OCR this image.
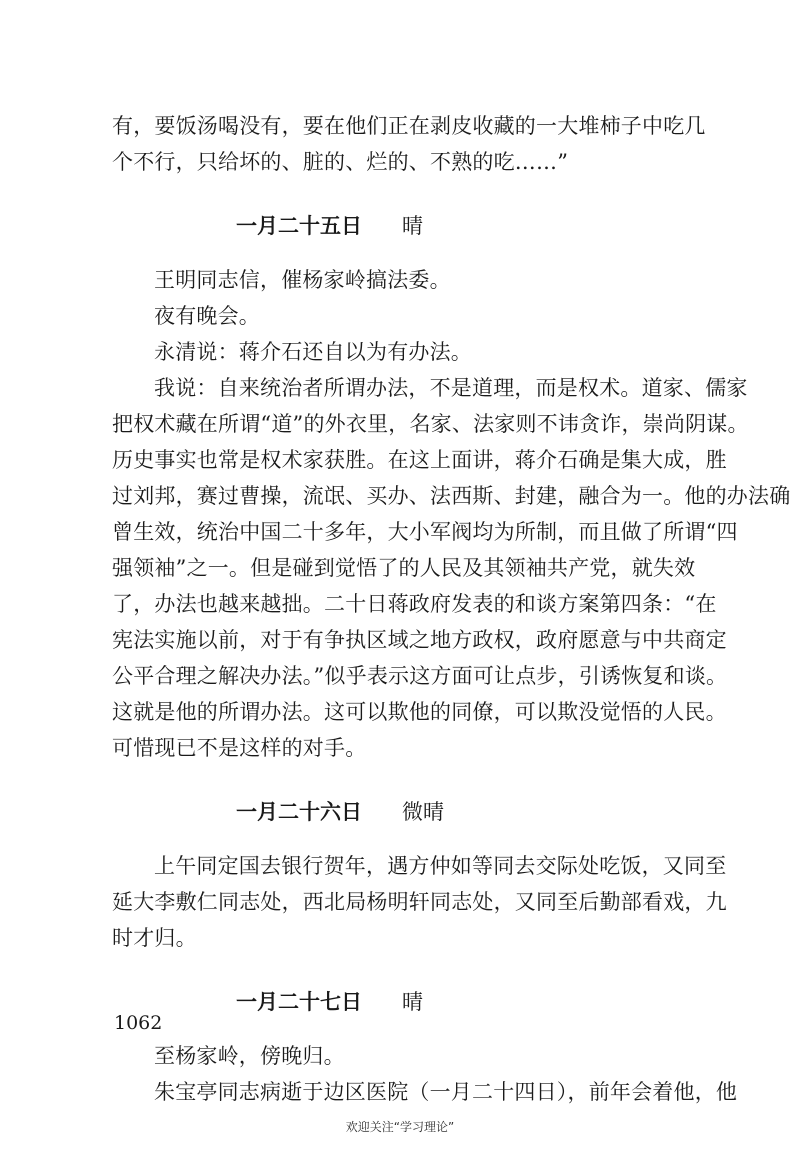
有，要饭汤喝没有，要在他们正在剥皮收藏的一大堆柿子中吃几
个不行，只给坏的、脏的、烂的、不熟的吃……”
一月二十五日 晴
王明同志信，催杨家岭搞法委。
夜有晚会。
永清说：蒋介石还自以为有办法。
我说：自来统治者所谓办法，不是道理，而是权术。道家、儒家
把权术藏在所谓“道”的外衣里，名家、法家则不讳贪诈，崇尚阴谋。
历史事实也常是权术家获胜。在这上面讲，蒋介石确是集大成，胜
过刘邦，赛过曹操，流氓、买办、法西斯、封建，融合为一。他的办法确
曾生效，统治中国二十多年，大小军阀均为所制，而且做了所谓“四
强领袖”之一。但是碰到觉悟了的人民及其领袖共产党，就失效
了，办法也越来越拙。二十日蒋政府发表的和谈方案第四条：“在
宪法实施以前，对于有争执区域之地方政权，政府愿意与中共商定
公平合理之解决办法。”似乎表示这方面可让点步，引诱恢复和谈。
这就是他的所谓办法。这可以欺他的同僚，可以欺没觉悟的人民。
可惜现已不是这样的对手。
一月二十六日 微晴
上午同定国去银行贺年，遇方仲如等同去交际处吃饭，又同至
延大李敷仁同志处，西北局杨明轩同志处，又同至后勤部看戏，九
时才归。
一月二十七日 晴
至杨家岭，傍晚归。
朱宝亭同志病逝于边区医院（一月二十四日），前年会着他，他
1062
欢迎关注“学习理论”
